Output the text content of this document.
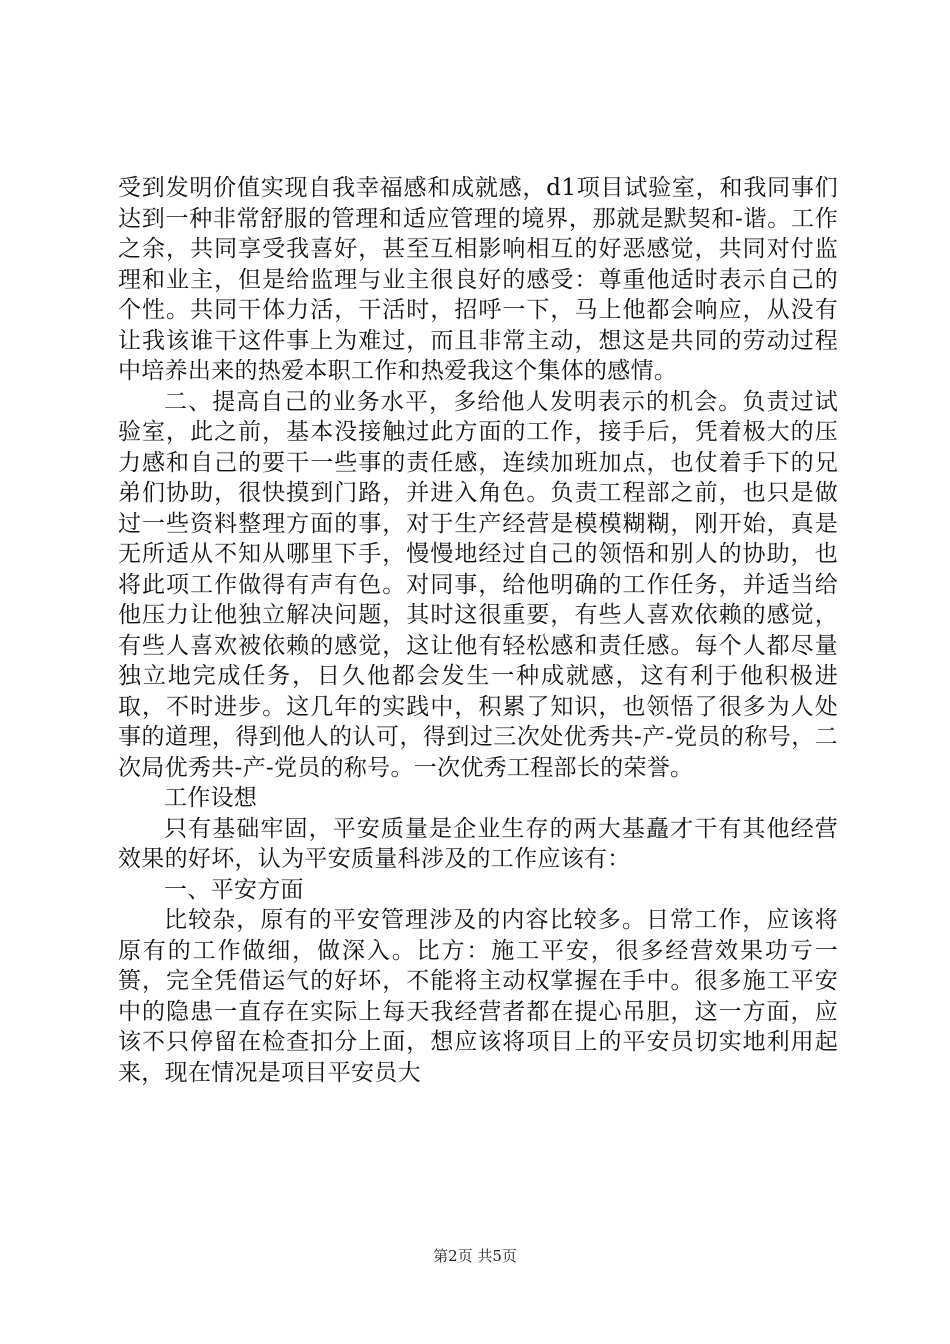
受到发明价值实现自我幸福感和成就感，d1项目试验室，和我同事们达到一种非常舒服的管理和适应管理的境界，那就是默契和-谐。工作之余，共同享受我喜好，甚至互相影响相互的好恶感觉，共同对付监理和业主，但是给监理与业主很良好的感受：尊重他适时表示自己的个性。共同干体力活，干活时，招呼一下，马上他都会响应，从没有让我该谁干这件事上为难过，而且非常主动，想这是共同的劳动过程中培养出来的热爱本职工作和热爱我这个集体的感情。

二、提高自己的业务水平，多给他人发明表示的机会。负责过试验室，此之前，基本没接触过此方面的工作，接手后，凭着极大的压力感和自己的要干一些事的责任感，连续加班加点，也仗着手下的兄弟们协助，很快摸到门路，并进入角色。负责工程部之前，也只是做过一些资料整理方面的事，对于生产经营是模模糊糊，刚开始，真是无所适从不知从哪里下手，慢慢地经过自己的领悟和别人的协助，也将此项工作做得有声有色。对同事，给他明确的工作任务，并适当给他压力让他独立解决问题，其时这很重要，有些人喜欢依赖的感觉，有些人喜欢被依赖的感觉，这让他有轻松感和责任感。每个人都尽量独立地完成任务，日久他都会发生一种成就感，这有利于他积极进取，不时进步。这几年的实践中，积累了知识，也领悟了很多为人处事的道理，得到他人的认可，得到过三次处优秀共-产-党员的称号，二次局优秀共-产-党员的称号。一次优秀工程部长的荣誉。

工作设想

只有基础牢固，平安质量是企业生存的两大基矗才干有其他经营效果的好坏，认为平安质量科涉及的工作应该有：

一、平安方面

比较杂，原有的平安管理涉及的内容比较多。日常工作，应该将原有的工作做细，做深入。比方：施工平安，很多经营效果功亏一篑，完全凭借运气的好坏，不能将主动权掌握在手中。很多施工平安中的隐患一直存在实际上每天我经营者都在提心吊胆，这一方面，应该不只停留在检查扣分上面，想应该将项目上的平安员切实地利用起来，现在情况是项目平安员大

第2页 共5页
